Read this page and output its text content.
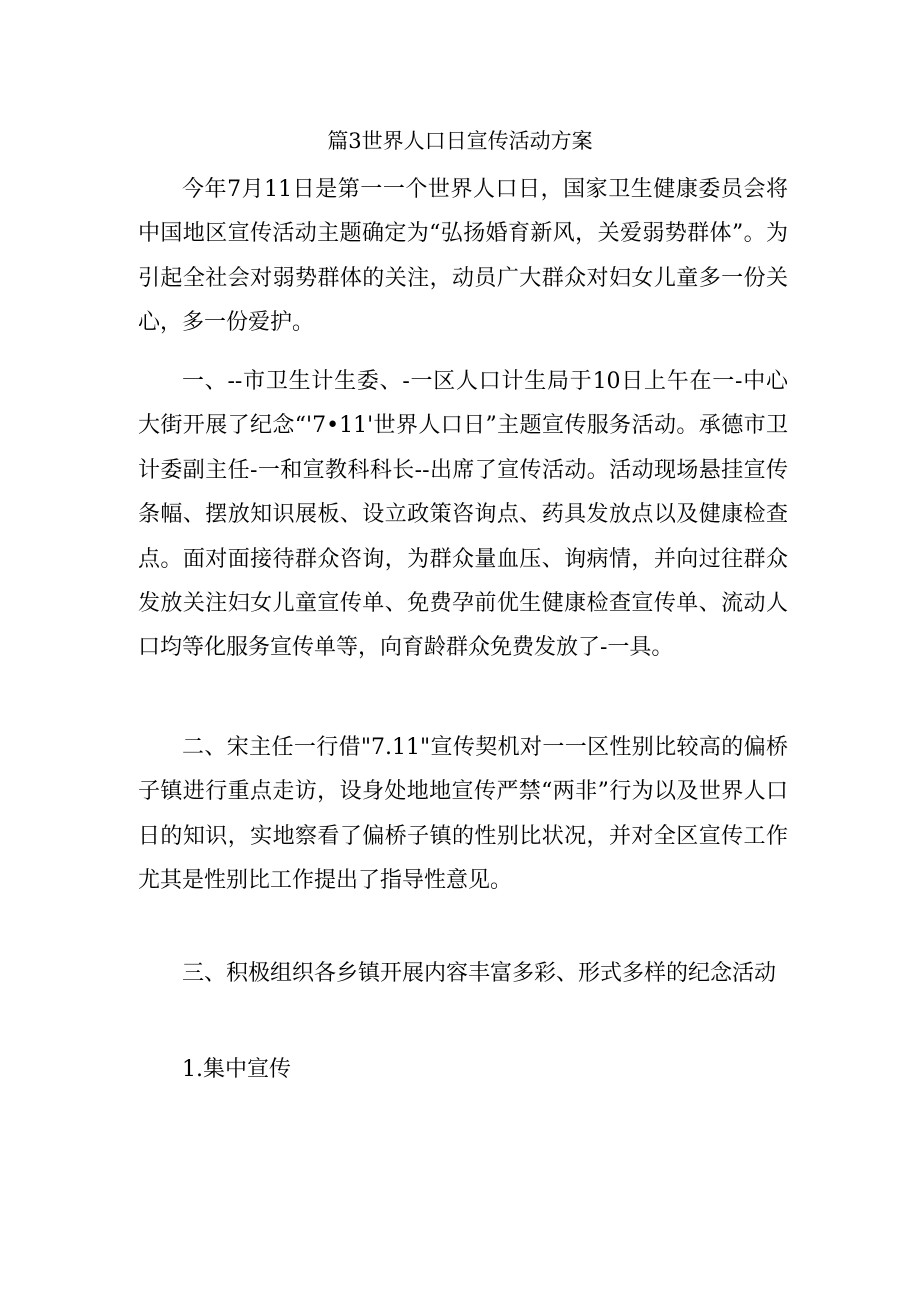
篇3世界人口日宣传活动方案

今年7月11日是第一一个世界人口日，国家卫生健康委员会将中国地区宣传活动主题确定为“弘扬婚育新风，关爱弱势群体”。为引起全社会对弱势群体的关注，动员广大群众对妇女儿童多一份关心，多一份爱护。

一、--市卫生计生委、-一区人口计生局于10日上午在一-中心大街开展了纪念“'7•11'世界人口日”主题宣传服务活动。承德市卫计委副主任-一和宣教科科长--出席了宣传活动。活动现场悬挂宣传条幅、摆放知识展板、设立政策咨询点、药具发放点以及健康检查点。面对面接待群众咨询，为群众量血压、询病情，并向过往群众发放关注妇女儿童宣传单、免费孕前优生健康检查宣传单、流动人口均等化服务宣传单等，向育龄群众免费发放了-一具。

二、宋主任一行借"7.11"宣传契机对一一区性别比较高的偏桥子镇进行重点走访，设身处地地宣传严禁“两非”行为以及世界人口日的知识，实地察看了偏桥子镇的性别比状况，并对全区宣传工作尤其是性别比工作提出了指导性意见。

三、积极组织各乡镇开展内容丰富多彩、形式多样的纪念活动

1.集中宣传
